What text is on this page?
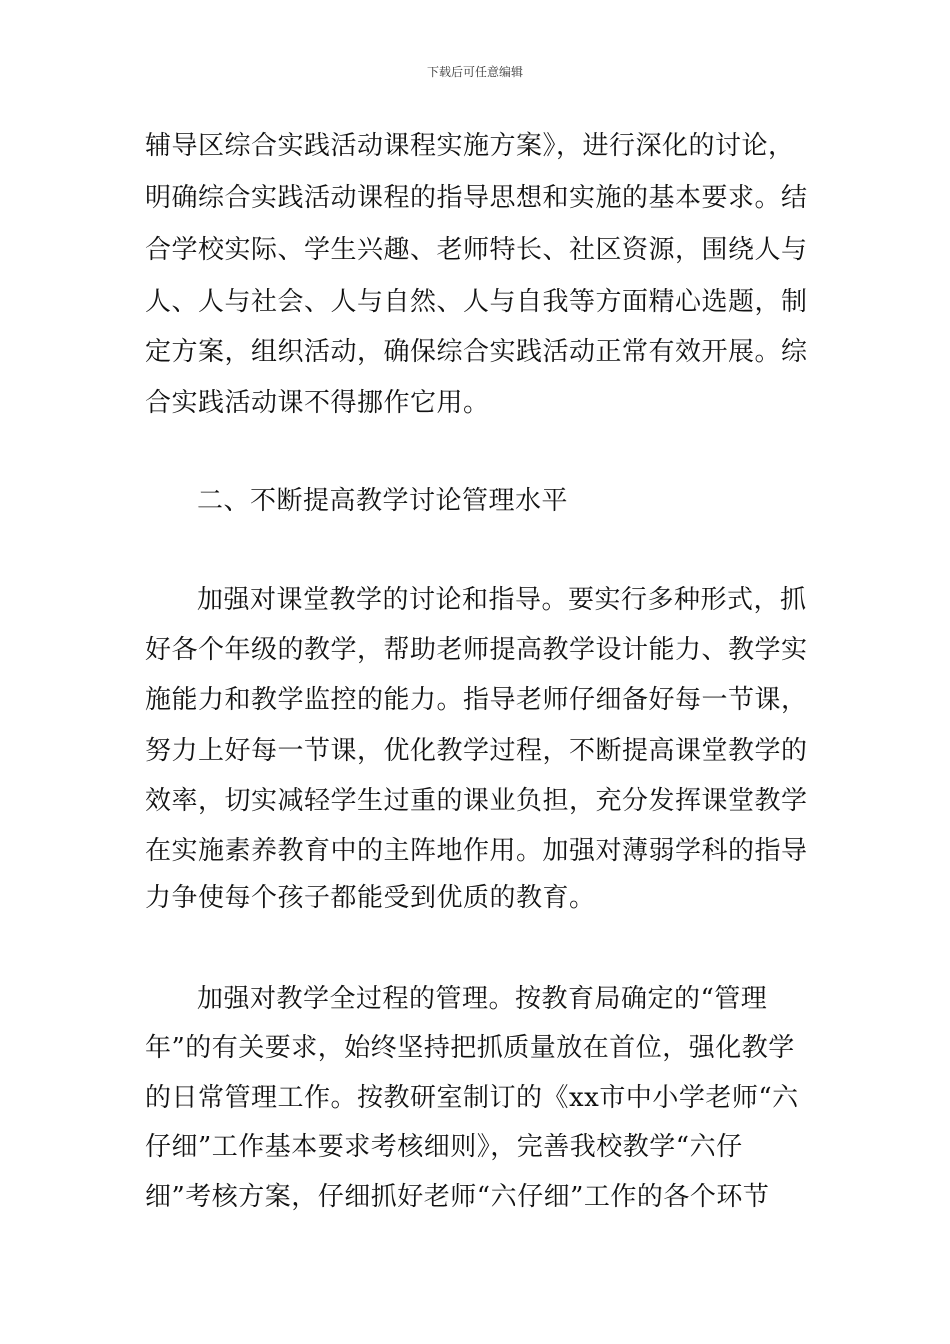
下载后可任意编辑
辅导区综合实践活动课程实施方案》，进行深化的讨论，
明确综合实践活动课程的指导思想和实施的基本要求。结
合学校实际、学生兴趣、老师特长、社区资源，围绕人与
人、人与社会、人与自然、人与自我等方面精心选题，制
定方案，组织活动，确保综合实践活动正常有效开展。综
合实践活动课不得挪作它用。
二、不断提高教学讨论管理水平
加强对课堂教学的讨论和指导。要实行多种形式，抓
好各个年级的教学，帮助老师提高教学设计能力、教学实
施能力和教学监控的能力。指导老师仔细备好每一节课，
努力上好每一节课，优化教学过程，不断提高课堂教学的
效率，切实减轻学生过重的课业负担，充分发挥课堂教学
在实施素养教育中的主阵地作用。加强对薄弱学科的指导
力争使每个孩子都能受到优质的教育。
加强对教学全过程的管理。按教育局确定的“管理
年”的有关要求，始终坚持把抓质量放在首位，强化教学
的日常管理工作。按教研室制订的《xx市中小学老师“六
仔细”工作基本要求考核细则》，完善我校教学“六仔
细”考核方案，仔细抓好老师“六仔细”工作的各个环节
